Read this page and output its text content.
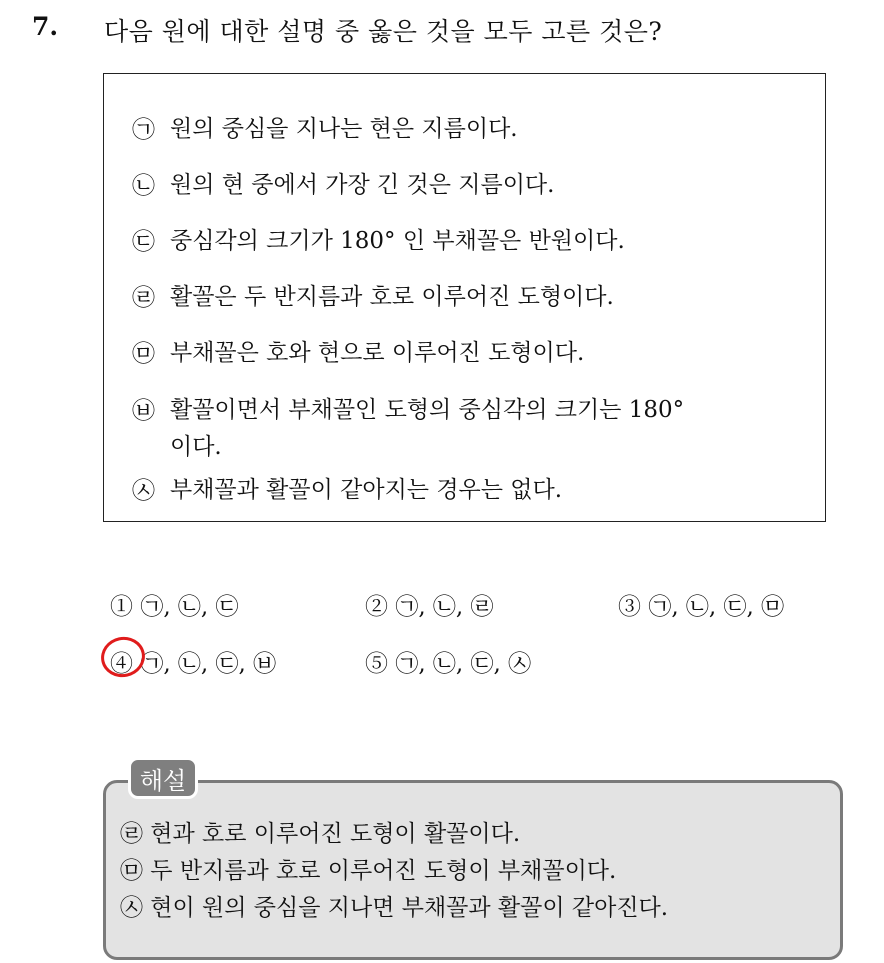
7. 다음 원에 대한 설명 중 옳은 것을 모두 고른 것은?
㉠ 원의 중심을 지나는 현은 지름이다.
㉡ 원의 현 중에서 가장 긴 것은 지름이다.
㉢ 중심각의 크기가 180° 인 부채꼴은 반원이다.
㉣ 활꼴은 두 반지름과 호로 이루어진 도형이다.
㉤ 부채꼴은 호와 현으로 이루어진 도형이다.
㉥ 활꼴이면서 부채꼴인 도형의 중심각의 크기는 180°
이다.
㉦ 부채꼴과 활꼴이 같아지는 경우는 없다.
① ㉠, ㉡, ㉢	② ㉠, ㉡, ㉣	③ ㉠, ㉡, ㉢, ㉤
④ ㉠, ㉡, ㉢, ㉥	⑤ ㉠, ㉡, ㉢, ㉦
해설
㉣ 현과 호로 이루어진 도형이 활꼴이다.
㉤ 두 반지름과 호로 이루어진 도형이 부채꼴이다.
㉦ 현이 원의 중심을 지나면 부채꼴과 활꼴이 같아진다.
